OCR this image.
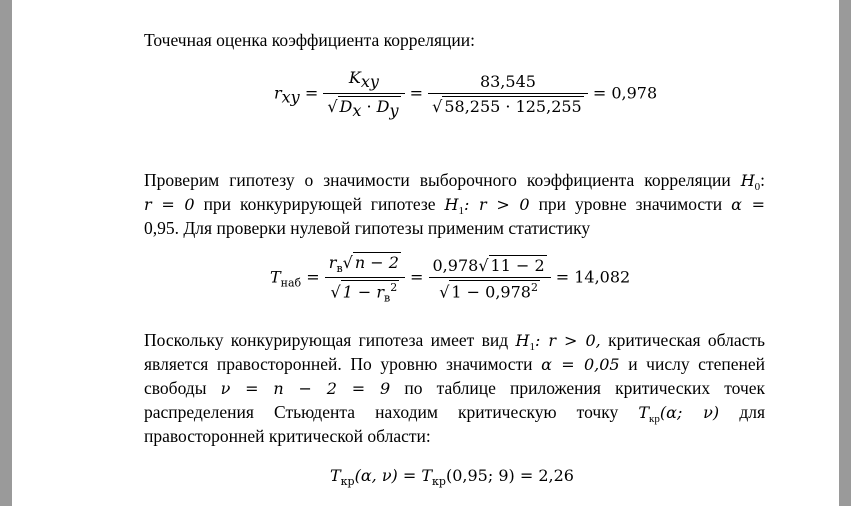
Точечная оценка коэффициента корреляции:
$r_{xy} = \frac{K_{xy}}{√ D_x \cdot D_y} = \frac{83,545}{√ 58,255 \cdot 125,255} = 0,978$
Проверим гипотезу о значимости выборочного коэффициента корреляции $H_0$:
r = 0 при конкурирующей гипотезе $H_1$: r > 0 при уровне значимости α =
0,95. Для проверки нулевой гипотезы применим статистику
$T_{наб} = \frac{r_в√ n - 2}{√ 1 - r_в^2} = \frac{0,978√ 11 - 2}{√ 1 - 0,978^2} = 14,082$
Поскольку конкурирующая гипотеза имеет вид $H_1$: r > 0, критическая область
является правосторонней. По уровню значимости α = 0,05 и числу степеней
свободы ν = n − 2 = 9 по таблице приложения критических точек
распределения Стьюдента находим критическую точку $T_{кр}(\alpha$; ν) для
правосторонней критической области:
$T_{кр}(\alpha$, $\nu) = T_{кр}(0,95$; 9) = 2,26
